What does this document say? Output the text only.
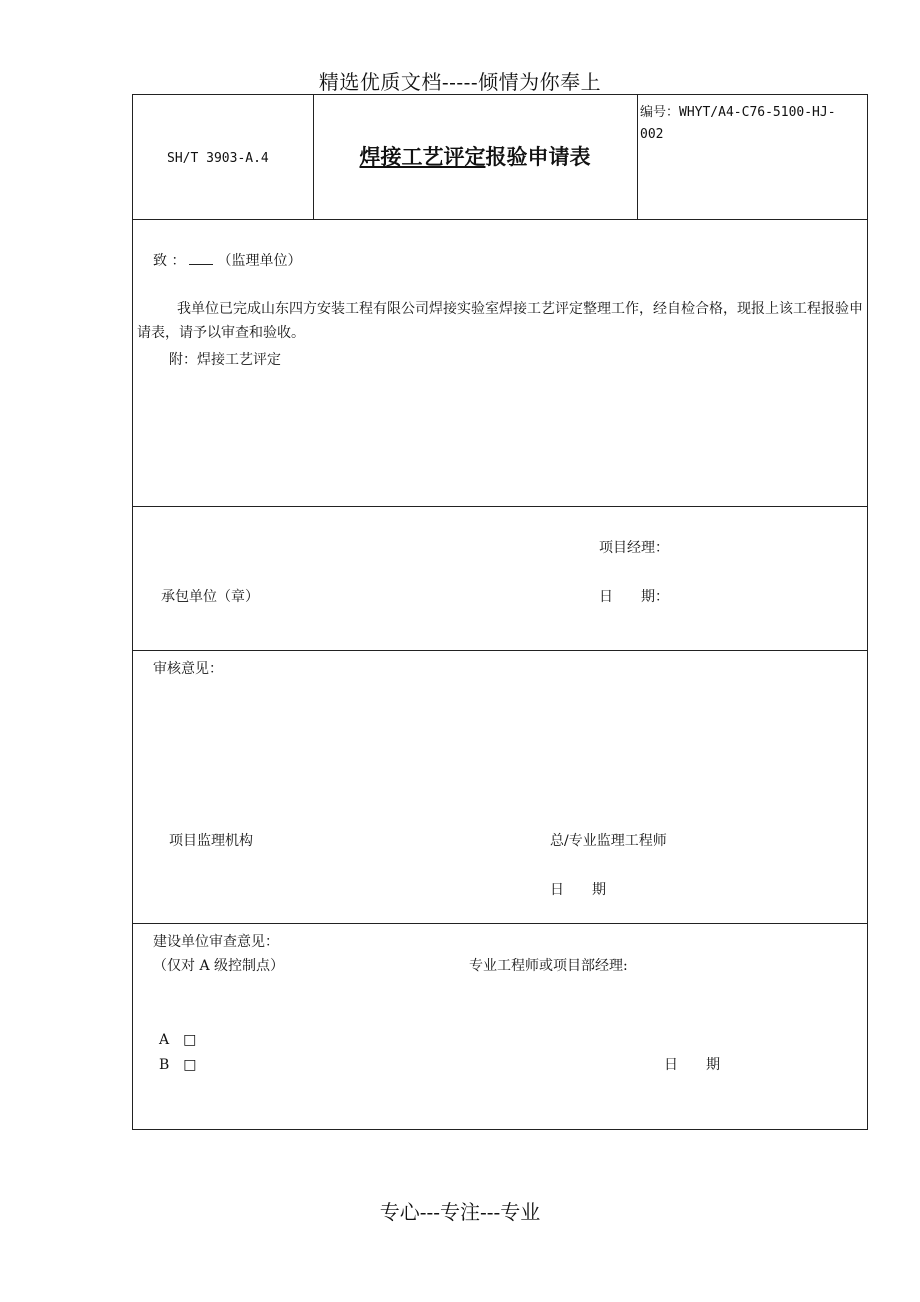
精选优质文档-----倾情为你奉上
SH/T 3903-A.4	焊接工艺评定报验申请表
编号：WHYT/A4-C76-5100-HJ-
002
致 ： （监理单位）
我单位已完成山东四方安装工程有限公司焊接实验室焊接工艺评定整理工作，经自检合格，现报上该工程报验申请表，请予以审查和验收。
附：焊接工艺评定
项目经理：
承包单位（章）	日　　期：
审核意见：
项目监理机构	总/专业监理工程师
日　　期
建设单位审查意见：
（仅对 A 级控制点）	专业工程师或项目部经理:
A　□
B　□	日　　期
专心---专注---专业
